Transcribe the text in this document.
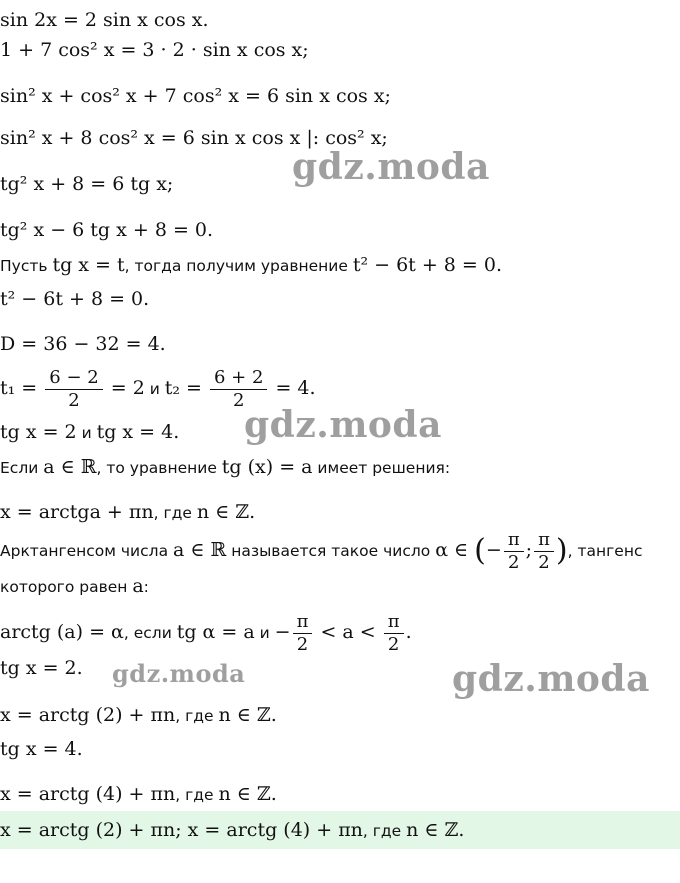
sin 2x = 2 sin x cos x.
1 + 7 cos² x = 3 · 2 · sin x cos x;
sin² x + cos² x + 7 cos² x = 6 sin x cos x;
sin² x + 8 cos² x = 6 sin x cos x |: cos² x;
tg² x + 8 = 6 tg x;
tg² x − 6 tg x + 8 = 0.
Пусть tg x = t, тогда получим уравнение t² − 6t + 8 = 0.
t² − 6t + 8 = 0.
D = 36 − 32 = 4.
$t_1 = \frac{6 - 2}{2} = 2$ и $t_2 = \frac{6 + 2}{2} = 4$.
tg x = 2 и tg x = 4.
Если a ∈ ℝ, то уравнение tg (x) = a имеет решения:
x = arctga + πn, где n ∈ ℤ.
Арктангенсом числа a ∈ ℝ называется такое число α ∈ (− $\frac{\pi}{2}$ ; $\frac{\pi}{2}$ ), тангенс
которого равен a:
arctg (a) = α, если tg α = a $и - \frac{\pi}{2} < a < \frac{\pi}{2}$ .
tg x = 2.
x = arctg (2) + πn, где n ∈ ℤ.
tg x = 4.
x = arctg (4) + πn, где n ∈ ℤ.
x = arctg (2) + πn; x = arctg (4) + πn, где n ∈ ℤ.
gdz.moda
gdz.moda
gdz.moda	gdz.moda
